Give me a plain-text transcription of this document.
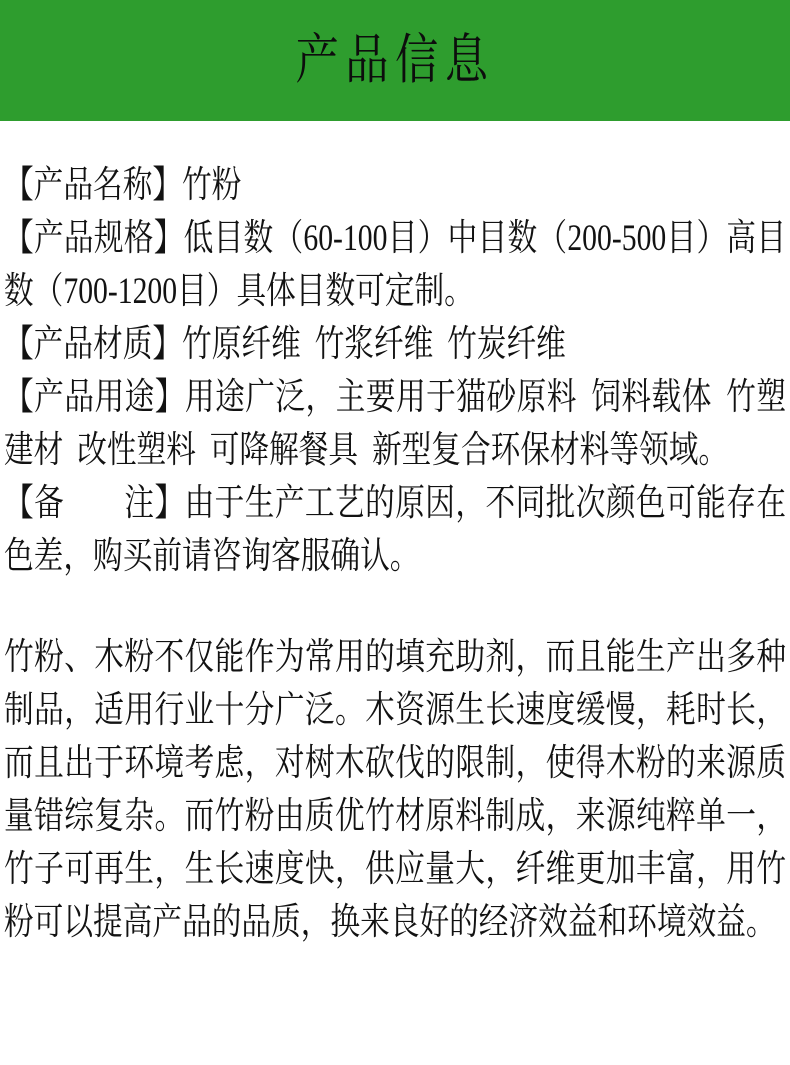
产品信息

【产品名称】竹粉

【产品规格】低目数（60-100目）中目数（200-500目）高目数（700-1200目）具体目数可定制。

【产品材质】竹原纤维 竹浆纤维 竹炭纤维

【产品用途】用途广泛，主要用于猫砂原料 饲料载体 竹塑建材 改性塑料 可降解餐具 新型复合环保材料等领域。

【备　　注】由于生产工艺的原因，不同批次颜色可能存在色差，购买前请咨询客服确认。

竹粉、木粉不仅能作为常用的填充助剂，而且能生产出多种制品，适用行业十分广泛。木资源生长速度缓慢，耗时长，而且出于环境考虑，对树木砍伐的限制，使得木粉的来源质量错综复杂。而竹粉由质优竹材原料制成，来源纯粹单一，竹子可再生，生长速度快，供应量大，纤维更加丰富，用竹粉可以提高产品的品质，换来良好的经济效益和环境效益。
